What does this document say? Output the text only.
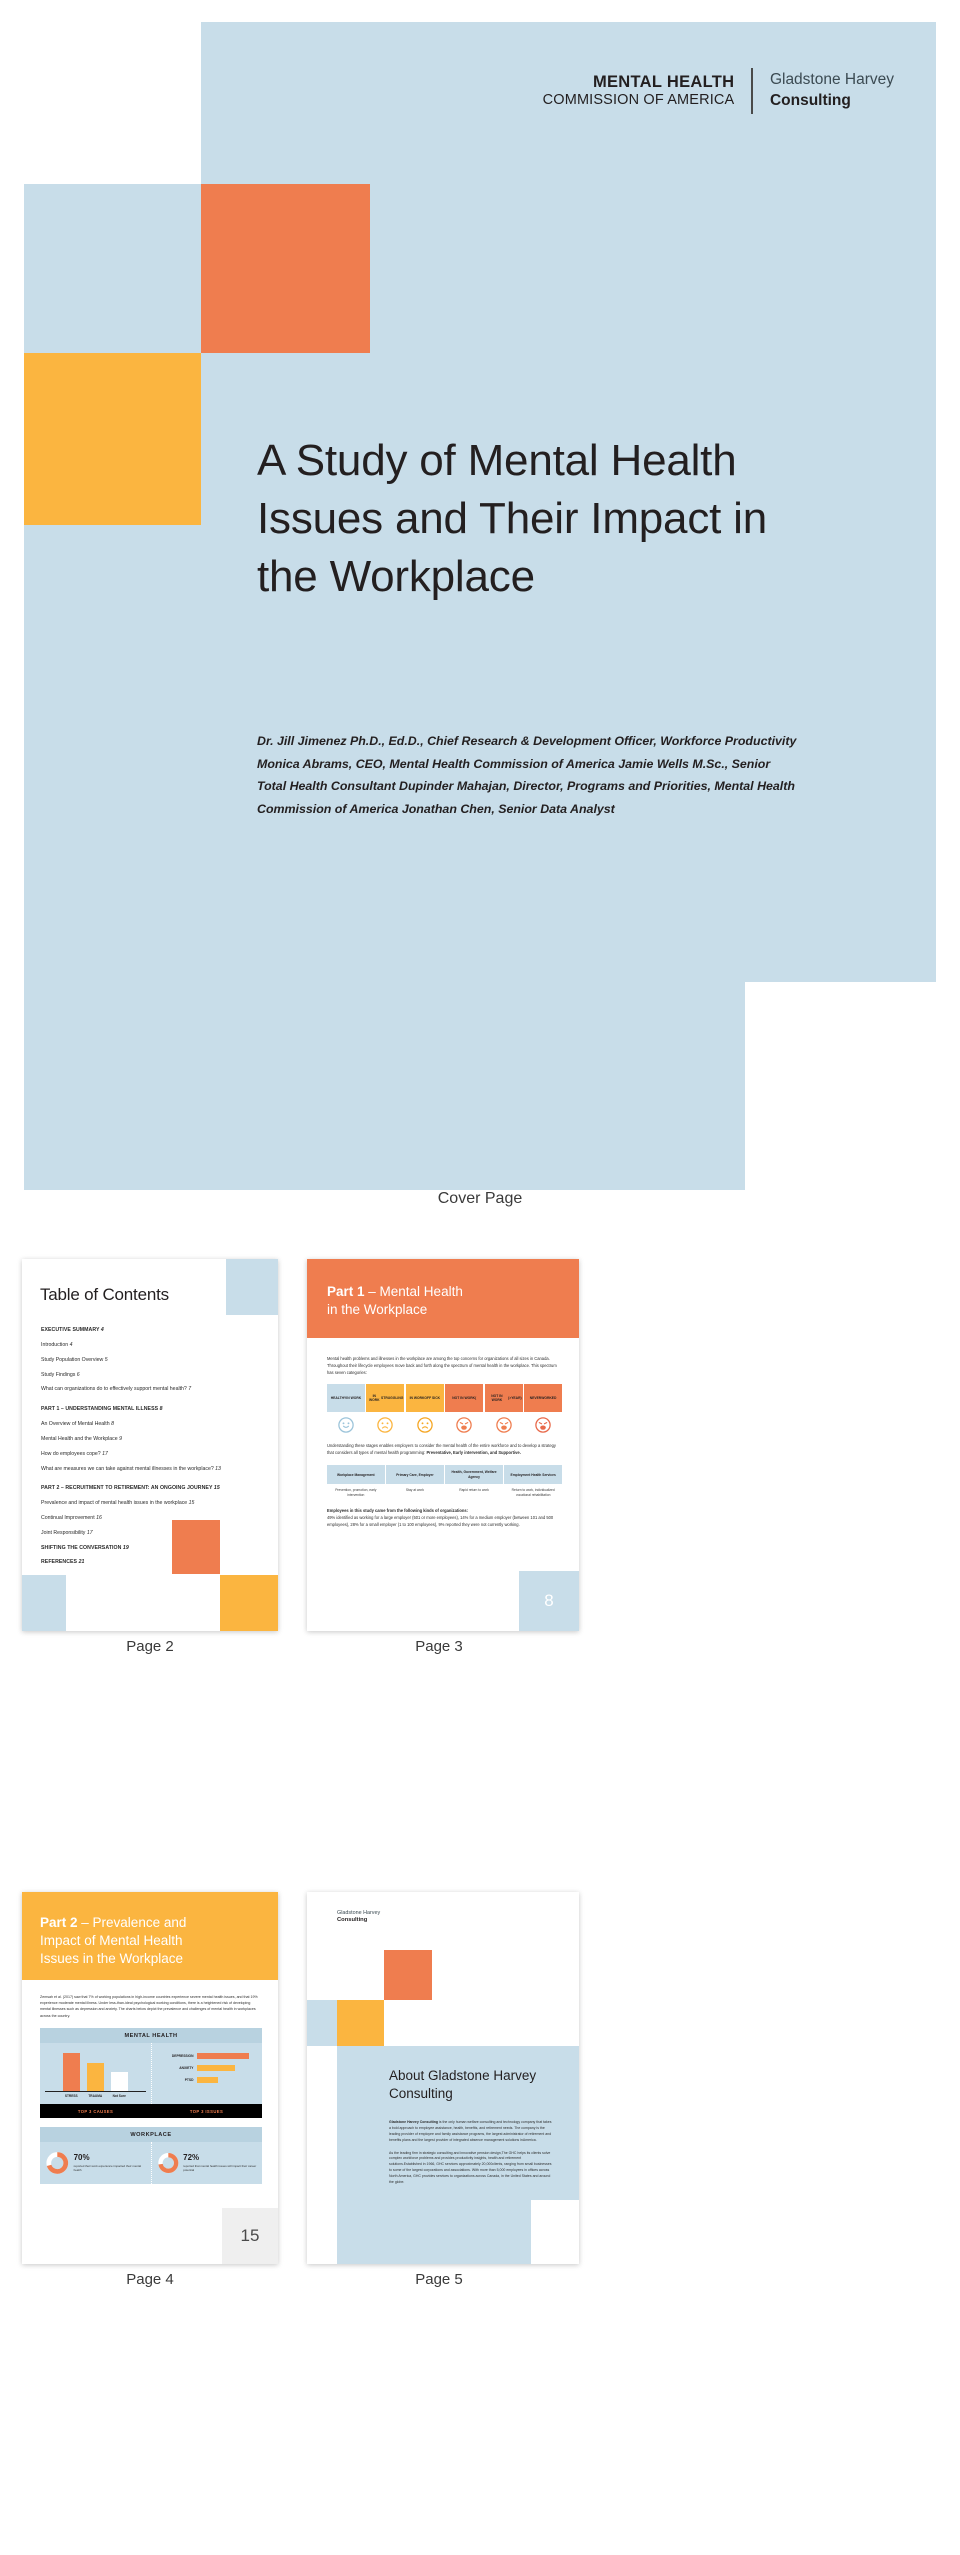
MENTAL HEALTH
COMMISSION OF AMERICA
Gladstone Harvey
Consulting
A Study of Mental Health Issues and Their Impact in the Workplace
Dr. Jill Jimenez Ph.D., Ed.D., Chief Research & Development Officer, Workforce Productivity Monica Abrams, CEO, Mental Health Commission of America Jamie Wells M.Sc., Senior Total Health Consultant Dupinder Mahajan, Director, Programs and Priorities, Mental Health Commission of America Jonathan Chen, Senior Data Analyst
Cover Page
Table of Contents
EXECUTIVE SUMMARY 4
Introduction 4
Study Population Overview 5
Study Findings 6
What can organizations do to effectively support mental health? 7
PART 1 – UNDERSTANDING MENTAL ILLNESS 8
An Overview of Mental Health 8
Mental Health and the Workplace 9
How do employees cope? 17
What are measures we can take against mental illnesses in the workplace? 13
PART 2 – RECRUITMENT TO RETIREMENT: AN ONGOING JOURNEY 15
Prevalence and impact of mental health issues in the workplace 15
Continual Improvement 16
Joint Responsibility 17
SHIFTING THE CONVERSATION 19
REFERENCES 21
Page 2
Part 1 – Mental Health
in the Workplace
Mental health problems and illnesses in the workplace are among the top concerns for organizations of all sizes in Canada. Throughout their lifecycle employees move back and forth along the spectrum of mental health in the workplace. This spectrum has seven categories:
HEALTHY IN WORK
IN WORK

STRUGGLING IN WORK OFF SICK	NOT IN WORK (
NOT IN WORK

(>YEAR) NEVER WORKED
Understanding these stages enables employers to consider the mental health of the entire workforce and to develop a strategy that considers all types of mental health programming: Preventative, Early intervention, and Supportive.
Workplace Management
Prevention, promotion, early intervention
Primary Care, Employer
Stay at work
Health, Government, Welfare Agency
Rapid return to work
Employment Health Services
Return to work, individualized vocational rehabilitation
Employees in this study came from the following kinds of organizations:
49% identified as working for a large employer (501 or more employees), 14% for a medium employer (between 101 and 500 employees), 28% for a small employer (1 to 100 employees), 9% reported they were not currently working.
8
Page 3
Part 2 – Prevalence and
Impact of Mental Health
Issues in the Workplace
Zemsah et al. (2017) saw that 7% of working populations in high-income countries experience severe mental health issues, and that 19% experience moderate mental illness. Under less-than-ideal psychological working conditions, there is a heightened risk of developing mental illnesses such as depression and anxiety. The charts below depict the prevalence and challenges of mental health in workplaces across the country.
MENTAL HEALTH
STRESS	TRAUMA	Not Sure
DEPRESSION
ANXIETY
PTSD
TOP 3 CAUSES	TOP 3 ISSUES
WORKPLACE
70%
reported their work experience impacted their mental health
72%
reported that mental health issues will impact their career potential
15
Page 4
Gladstone Harvey
Consulting
About Gladstone Harvey Consulting
Gladstone Harvey Consulting is the only human welfare consulting and technology company that takes a bold approach to employee assistance, health, benefits, and retirement needs. The company is the leading provider of employee and family assistance programs, the largest administrator of retirement and benefits plans and the largest provider of integrated absence management solutions inAmerica.
As the leading firm in strategic consulting and innovative pension design,The GHC helps its clients solve complex workforce problems and provides productivity insights, health and retirement solutions.Established in 1966, GHC services approximately 20,000clients, ranging from small businesses to some of the largest corporations and associations. With more than 5,000 employees in offices across North America, GHC provides services to organizations across Canada, in the United States and around the globe.
Page 5
